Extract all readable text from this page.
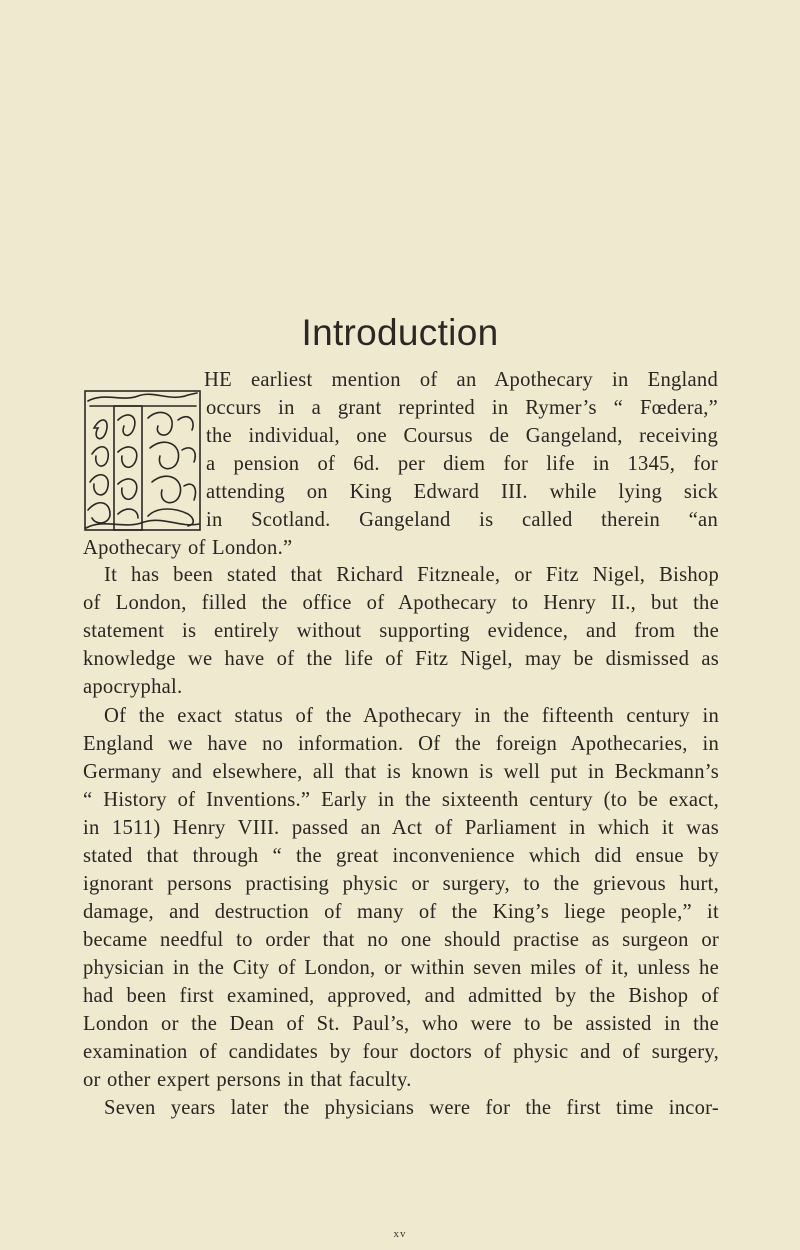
Introduction
HE earliest mention of an Apothecary in England
occurs in a grant reprinted in Rymer’s “ Fœdera,”
the individual, one Coursus de Gangeland, receiving
a pension of 6d. per diem for life in 1345, for
attending on King Edward III. while lying sick
in Scotland. Gangeland is called therein “an
Apothecary of London.”
It has been stated that Richard Fitzneale, or Fitz Nigel, Bishop
of London, filled the office of Apothecary to Henry II., but the
statement is entirely without supporting evidence, and from the
knowledge we have of the life of Fitz Nigel, may be dismissed as
apocryphal.
Of the exact status of the Apothecary in the fifteenth century in
England we have no information. Of the foreign Apothecaries, in
Germany and elsewhere, all that is known is well put in Beckmann’s
“ History of Inventions.” Early in the sixteenth century (to be exact,
in 1511) Henry VIII. passed an Act of Parliament in which it was
stated that through “ the great inconvenience which did ensue by
ignorant persons practising physic or surgery, to the grievous hurt,
damage, and destruction of many of the King’s liege people,” it
became needful to order that no one should practise as surgeon or
physician in the City of London, or within seven miles of it, unless he
had been first examined, approved, and admitted by the Bishop of
London or the Dean of St. Paul’s, who were to be assisted in the
examination of candidates by four doctors of physic and of surgery,
or other expert persons in that faculty.
Seven years later the physicians were for the first time incor-
xv
